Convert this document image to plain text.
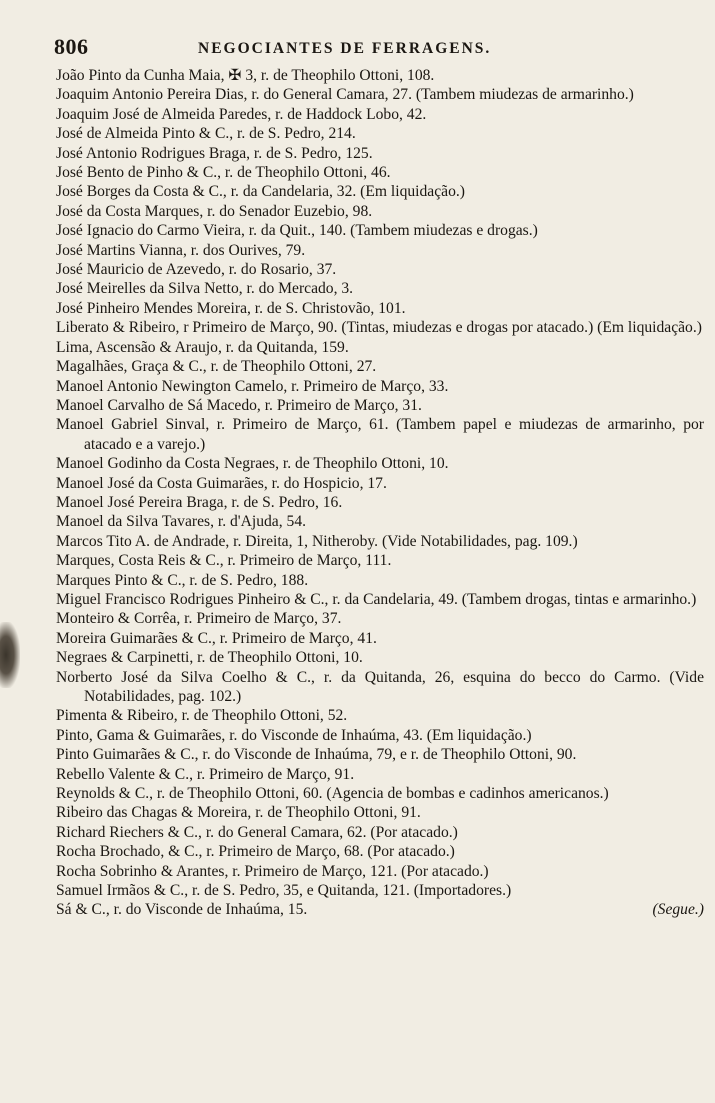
806	NEGOCIANTES DE FERRAGENS.
João Pinto da Cunha Maia, ✠ 3, r. de Theophilo Ottoni, 108.
Joaquim Antonio Pereira Dias, r. do General Camara, 27. (Tambem miudezas de armarinho.)
Joaquim José de Almeida Paredes, r. de Haddock Lobo, 42.
José de Almeida Pinto & C., r. de S. Pedro, 214.
José Antonio Rodrigues Braga, r. de S. Pedro, 125.
José Bento de Pinho & C., r. de Theophilo Ottoni, 46.
José Borges da Costa & C., r. da Candelaria, 32. (Em liquidação.)
José da Costa Marques, r. do Senador Euzebio, 98.
José Ignacio do Carmo Vieira, r. da Quit., 140. (Tambem miudezas e drogas.)
José Martins Vianna, r. dos Ourives, 79.
José Mauricio de Azevedo, r. do Rosario, 37.
José Meirelles da Silva Netto, r. do Mercado, 3.
José Pinheiro Mendes Moreira, r. de S. Christovão, 101.
Liberato & Ribeiro, r Primeiro de Março, 90. (Tintas, miudezas e drogas por atacado.) (Em liquidação.)
Lima, Ascensão & Araujo, r. da Quitanda, 159.
Magalhães, Graça & C., r. de Theophilo Ottoni, 27.
Manoel Antonio Newington Camelo, r. Primeiro de Março, 33.
Manoel Carvalho de Sá Macedo, r. Primeiro de Março, 31.
Manoel Gabriel Sinval, r. Primeiro de Março, 61. (Tambem papel e miudezas de armarinho, por atacado e a varejo.)
Manoel Godinho da Costa Negraes, r. de Theophilo Ottoni, 10.
Manoel José da Costa Guimarães, r. do Hospicio, 17.
Manoel José Pereira Braga, r. de S. Pedro, 16.
Manoel da Silva Tavares, r. d'Ajuda, 54.
Marcos Tito A. de Andrade, r. Direita, 1, Nitheroby. (Vide Notabilidades, pag. 109.)
Marques, Costa Reis & C., r. Primeiro de Março, 111.
Marques Pinto & C., r. de S. Pedro, 188.
Miguel Francisco Rodrigues Pinheiro & C., r. da Candelaria, 49. (Tambem drogas, tintas e armarinho.)
Monteiro & Corrêa, r. Primeiro de Março, 37.
Moreira Guimarães & C., r. Primeiro de Março, 41.
Negraes & Carpinetti, r. de Theophilo Ottoni, 10.
Norberto José da Silva Coelho & C., r. da Quitanda, 26, esquina do becco do Carmo. (Vide Notabilidades, pag. 102.)
Pimenta & Ribeiro, r. de Theophilo Ottoni, 52.
Pinto, Gama & Guimarães, r. do Visconde de Inhaúma, 43. (Em liquidação.)
Pinto Guimarães & C., r. do Visconde de Inhaúma, 79, e r. de Theophilo Ottoni, 90.
Rebello Valente & C., r. Primeiro de Março, 91.
Reynolds & C., r. de Theophilo Ottoni, 60. (Agencia de bombas e cadinhos americanos.)
Ribeiro das Chagas & Moreira, r. de Theophilo Ottoni, 91.
Richard Riechers & C., r. do General Camara, 62. (Por atacado.)
Rocha Brochado, & C., r. Primeiro de Março, 68. (Por atacado.)
Rocha Sobrinho & Arantes, r. Primeiro de Março, 121. (Por atacado.)
Samuel Irmãos & C., r. de S. Pedro, 35, e Quitanda, 121. (Importadores.)
Sá & C., r. do Visconde de Inhaúma, 15.	(Segue.)
